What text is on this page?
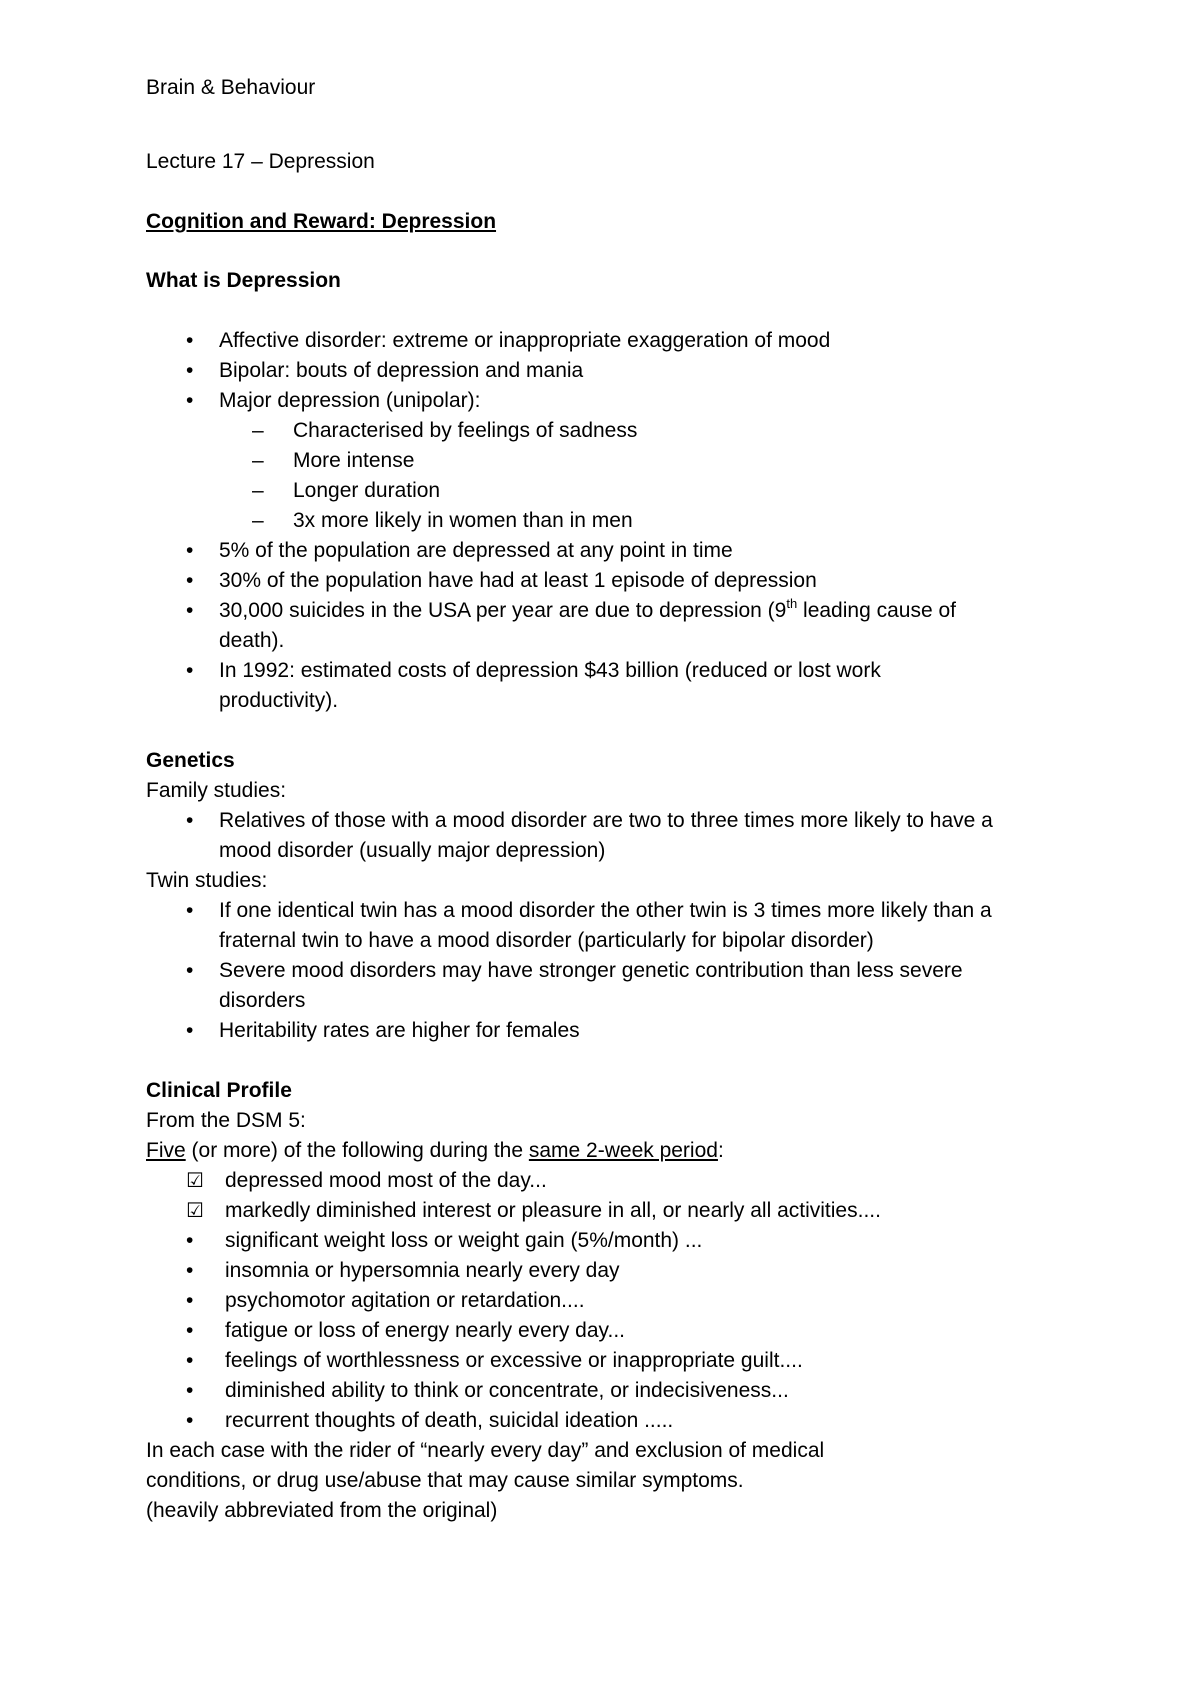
Brain & Behaviour
Lecture 17 – Depression
Cognition and Reward: Depression
What is Depression
• Affective disorder: extreme or inappropriate exaggeration of mood
• Bipolar: bouts of depression and mania
• Major depression (unipolar):
– Characterised by feelings of sadness
– More intense
– Longer duration
– 3x more likely in women than in men
• 5% of the population are depressed at any point in time
• 30% of the population have had at least 1 episode of depression
• 30,000 suicides in the USA per year are due to depression (9th leading cause of
death).
• In 1992: estimated costs of depression $43 billion (reduced or lost work
productivity).
Genetics
Family studies:
• Relatives of those with a mood disorder are two to three times more likely to have a
mood disorder (usually major depression)
Twin studies:
• If one identical twin has a mood disorder the other twin is 3 times more likely than a
fraternal twin to have a mood disorder (particularly for bipolar disorder)
• Severe mood disorders may have stronger genetic contribution than less severe
disorders
• Heritability rates are higher for females
Clinical Profile
From the DSM 5:
Five (or more) of the following during the same 2-week period:
☑ depressed mood most of the day...
☑ markedly diminished interest or pleasure in all, or nearly all activities....
• significant weight loss or weight gain (5%/month) ...
• insomnia or hypersomnia nearly every day
• psychomotor agitation or retardation....
• fatigue or loss of energy nearly every day...
• feelings of worthlessness or excessive or inappropriate guilt....
• diminished ability to think or concentrate, or indecisiveness...
• recurrent thoughts of death, suicidal ideation .....
In each case with the rider of “nearly every day” and exclusion of medical
conditions, or drug use/abuse that may cause similar symptoms.
(heavily abbreviated from the original)
